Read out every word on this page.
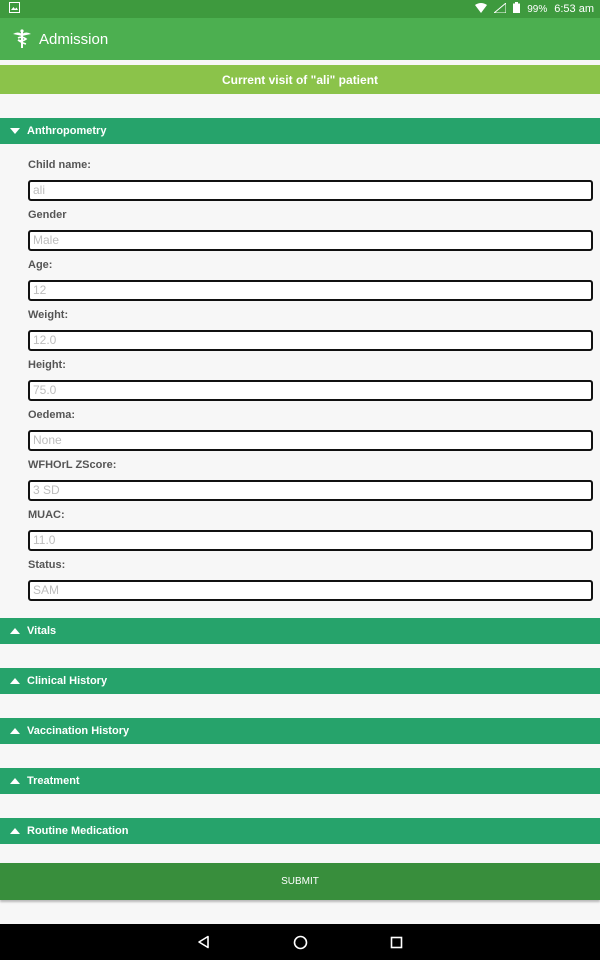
99% 6:53 am
Admission
Current visit of "ali" patient
Anthropometry
Child name:
ali
Gender
Male
Age:
12
Weight:
12.0
Height:
75.0
Oedema:
None
WFHOrL ZScore:
3 SD
MUAC:
11.0
Status:
SAM
Vitals
Clinical History
Vaccination History
Treatment
Routine Medication
SUBMIT
